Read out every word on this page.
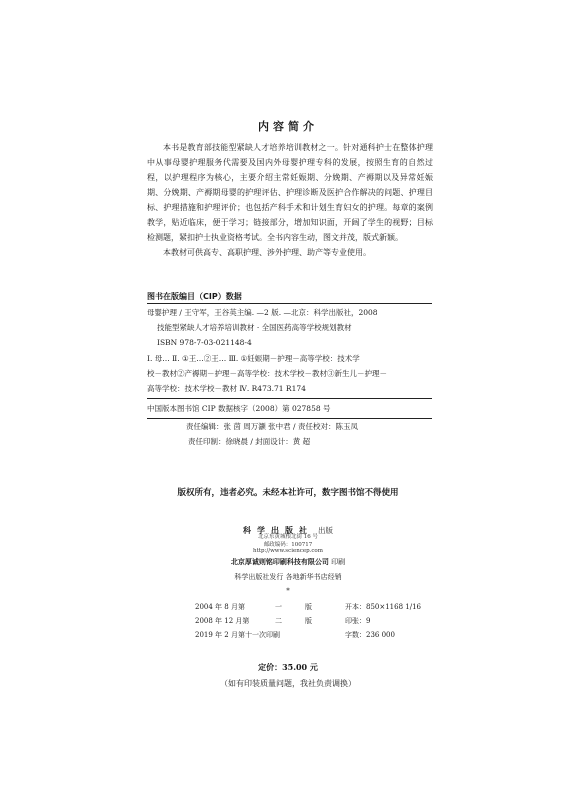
内容简介

本书是教育部技能型紧缺人才培养培训教材之一。针对通科护士在整体护理中从事母婴护理服务代需要及国内外母婴护理专科的发展，按照生育的自然过程，以护理程序为核心，主要介绍主常妊娠期、分娩期、产褥期以及异常妊娠期、分娩期、产褥期母婴的护理评估、护理诊断及医护合作解决的问题、护理目标、护理措施和护理评价；也包括产科手术和计划生育妇女的护理。每章的案例教学，贴近临床，便于学习；链接部分，增加知识面，开阔了学生的视野；目标检测题，紧扣护士执业资格考试。全书内容生动，图文并茂，版式新颖。

本教材可供高专、高职护理、涉外护理、助产等专业使用。

图书在版编目（CIP）数据
母婴护理 / 王守军，王谷英主编. —2 版. —北京：科学出版社，2008
技能型紧缺人才培养培训教材 · 全国医药高等学校规划教材
ISBN 978-7-03-021148-4

Ⅰ. 母… Ⅱ. ①王…②王… Ⅲ. ①妊娠期－护理－高等学校：技术学

校－教材②产褥期－护理－高等学校：技术学校－教材③新生儿－护理－

高等学校：技术学校－教材 Ⅳ. R473.71 R174

中国版本图书馆 CIP 数据核字（2008）第 027858 号

责任编辑：张 茵 周万灏 张中君 / 责任校对：陈玉凤

责任印制：徐晓晨 / 封面设计：黄 超

版权所有，违者必究。未经本社许可，数字图书馆不得使用
科学出版社 出版
北京东黄城根北街 16 号
邮政编码：100717
http://www.sciencep.com
北京厚诚则铭印刷科技有限公司 印刷
科学出版社发行 各地新华书店经销
*
2004 年 8 月第	一	版	开本：850×1168 1/16
2008 年 12 月第	二	版	印张：9
2019 年 2 月第十一次印刷	字数：236 000
定价：35.00 元
（如有印装质量问题，我社负责调换）
